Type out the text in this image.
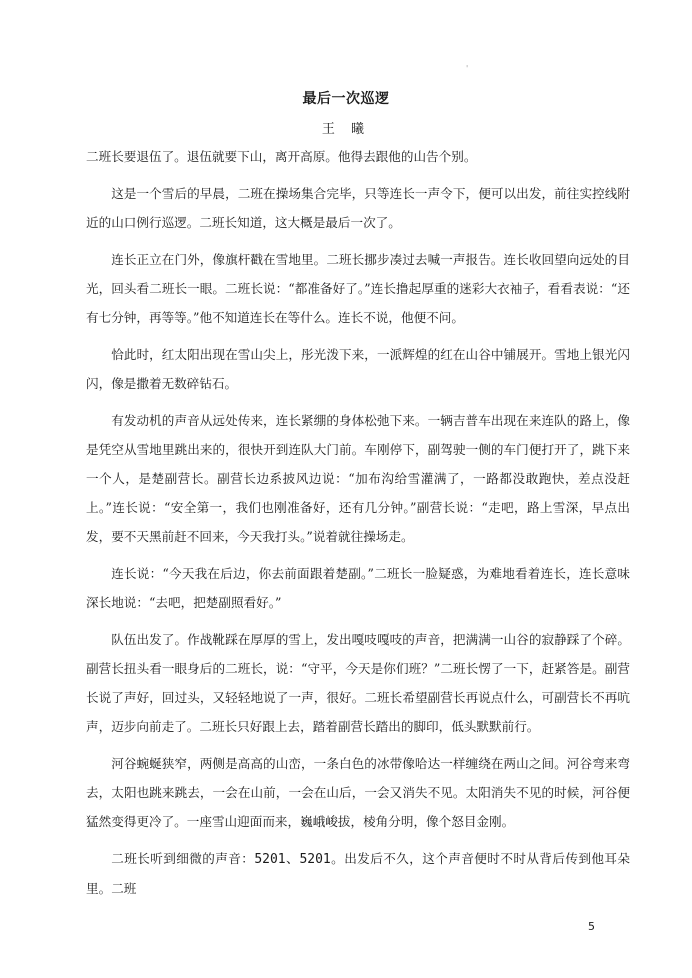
'
最后一次巡逻
王 曦

二班长要退伍了。退伍就要下山，离开高原。他得去跟他的山告个别。

这是一个雪后的早晨，二班在操场集合完毕，只等连长一声令下，便可以出发，前往实控线附近的山口例行巡逻。二班长知道，这大概是最后一次了。

连长正立在门外，像旗杆戳在雪地里。二班长挪步凑过去喊一声报告。连长收回望向远处的目光，回头看二班长一眼。二班长说：“都准备好了。”连长撸起厚重的迷彩大衣袖子，看看表说：“还有七分钟，再等等。”他不知道连长在等什么。连长不说，他便不问。

恰此时，红太阳出现在雪山尖上，彤光泼下来，一派辉煌的红在山谷中铺展开。雪地上银光闪闪，像是撒着无数碎钻石。

有发动机的声音从远处传来，连长紧绷的身体松弛下来。一辆吉普车出现在来连队的路上，像是凭空从雪地里跳出来的，很快开到连队大门前。车刚停下，副驾驶一侧的车门便打开了，跳下来一个人，是楚副营长。副营长边系披风边说：“加布沟给雪灌满了，一路都没敢跑快，差点没赶上。”连长说：“安全第一，我们也刚准备好，还有几分钟。”副营长说：“走吧，路上雪深，早点出发，要不天黑前赶不回来，今天我打头。”说着就往操场走。

连长说：“今天我在后边，你去前面跟着楚副。”二班长一脸疑惑，为难地看着连长，连长意味深长地说：“去吧，把楚副照看好。”

队伍出发了。作战靴踩在厚厚的雪上，发出嘎吱嘎吱的声音，把满满一山谷的寂静踩了个碎。副营长扭头看一眼身后的二班长，说：“守平，今天是你们班？”二班长愣了一下，赶紧答是。副营长说了声好，回过头，又轻轻地说了一声，很好。二班长希望副营长再说点什么，可副营长不再吭声，迈步向前走了。二班长只好跟上去，踏着副营长踏出的脚印，低头默默前行。

河谷蜿蜒狭窄，两侧是高高的山峦，一条白色的冰带像哈达一样缠绕在两山之间。河谷弯来弯去，太阳也跳来跳去，一会在山前，一会在山后，一会又消失不见。太阳消失不见的时候，河谷便猛然变得更冷了。一座雪山迎面而来，巍峨峻拔，棱角分明，像个怒目金刚。

二班长听到细微的声音：5201、5201。出发后不久，这个声音便时不时从背后传到他耳朵里。二班

5
